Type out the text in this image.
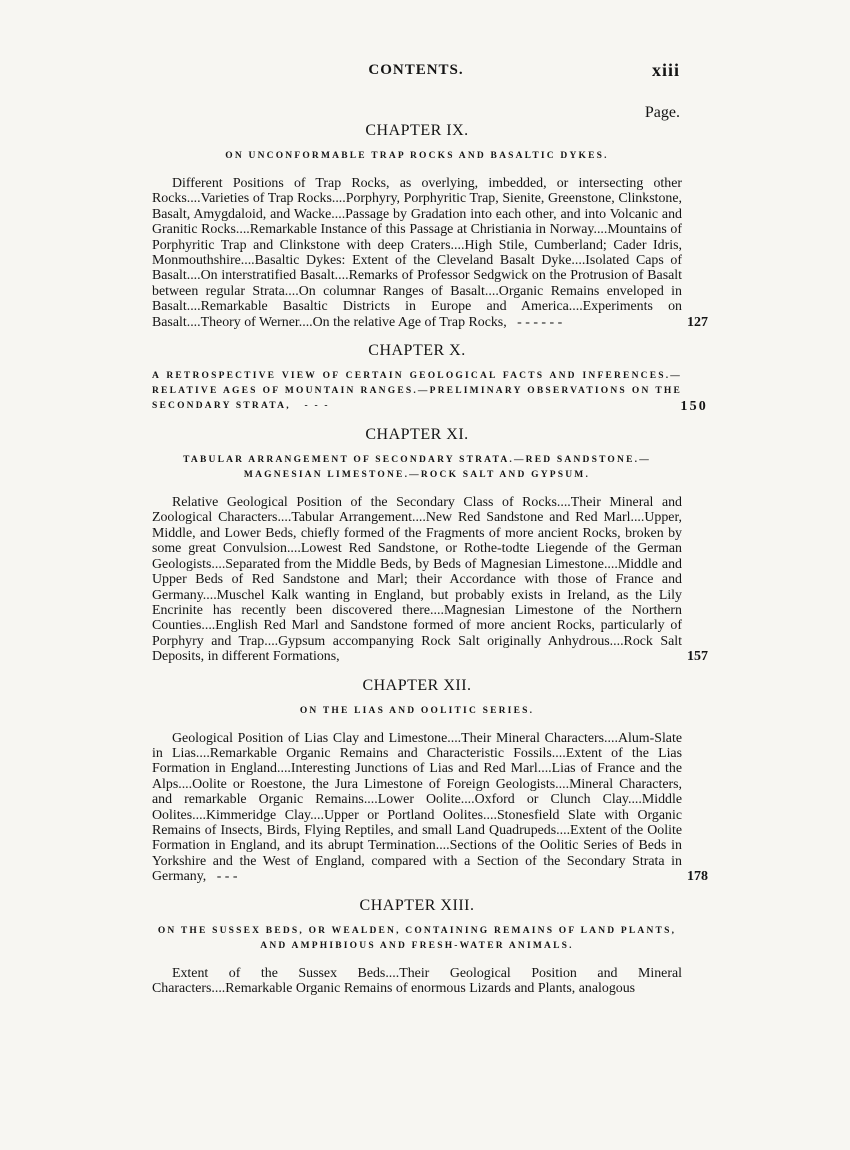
CONTENTS.	xiii
Page.
CHAPTER IX.
ON UNCONFORMABLE TRAP ROCKS AND BASALTIC DYKES.

Different Positions of Trap Rocks, as overlying, imbedded, or intersecting other Rocks....Varieties of Trap Rocks....Porphyry, Porphyritic Trap, Sienite, Greenstone, Clinkstone, Basalt, Amygdaloid, and Wacke....Passage by Gradation into each other, and into Volcanic and Granitic Rocks....Remarkable Instance of this Passage at Christiania in Norway....Mountains of Porphyritic Trap and Clinkstone with deep Craters....High Stile, Cumberland; Cader Idris, Monmouthshire....Basaltic Dykes: Extent of the Cleveland Basalt Dyke....Isolated Caps of Basalt....On interstratified Basalt....Remarks of Professor Sedgwick on the Protrusion of Basalt between regular Strata....On columnar Ranges of Basalt....Organic Remains enveloped in Basalt....Remarkable Basaltic Districts in Europe and America....Experiments on Basalt....Theory of Werner....On the relative Age of Trap Rocks, - - - - - -	127

CHAPTER X.
A RETROSPECTIVE VIEW OF CERTAIN GEOLOGICAL FACTS AND INFERENCES.—RELATIVE AGES OF MOUNTAIN RANGES.—PRELIMINARY OBSERVATIONS ON THE SECONDARY STRATA, - - -	150
CHAPTER XI.
TABULAR ARRANGEMENT OF SECONDARY STRATA.—RED SANDSTONE.—MAGNESIAN LIMESTONE.—ROCK SALT AND GYPSUM.

Relative Geological Position of the Secondary Class of Rocks....Their Mineral and Zoological Characters....Tabular Arrangement....New Red Sandstone and Red Marl....Upper, Middle, and Lower Beds, chiefly formed of the Fragments of more ancient Rocks, broken by some great Convulsion....Lowest Red Sandstone, or Rothe-todte Liegende of the German Geologists....Separated from the Middle Beds, by Beds of Magnesian Limestone....Middle and Upper Beds of Red Sandstone and Marl; their Accordance with those of France and Germany....Muschel Kalk wanting in England, but probably exists in Ireland, as the Lily Encrinite has recently been discovered there....Magnesian Limestone of the Northern Counties....English Red Marl and Sandstone formed of more ancient Rocks, particularly of Porphyry and Trap....Gypsum accompanying Rock Salt originally Anhydrous....Rock Salt Deposits, in different Formations,	157

CHAPTER XII.
ON THE LIAS AND OOLITIC SERIES.

Geological Position of Lias Clay and Limestone....Their Mineral Characters....Alum-Slate in Lias....Remarkable Organic Remains and Characteristic Fossils....Extent of the Lias Formation in England....Interesting Junctions of Lias and Red Marl....Lias of France and the Alps....Oolite or Roestone, the Jura Limestone of Foreign Geologists....Mineral Characters, and remarkable Organic Remains....Lower Oolite....Oxford or Clunch Clay....Middle Oolites....Kimmeridge Clay....Upper or Portland Oolites....Stonesfield Slate with Organic Remains of Insects, Birds, Flying Reptiles, and small Land Quadrupeds....Extent of the Oolite Formation in England, and its abrupt Termination....Sections of the Oolitic Series of Beds in Yorkshire and the West of England, compared with a Section of the Secondary Strata in Germany, - - -	178

CHAPTER XIII.
ON THE SUSSEX BEDS, OR WEALDEN, CONTAINING REMAINS OF LAND PLANTS, AND AMPHIBIOUS AND FRESH-WATER ANIMALS.

Extent of the Sussex Beds....Their Geological Position and Mineral Characters....Remarkable Organic Remains of enormous Lizards and Plants, analogous
